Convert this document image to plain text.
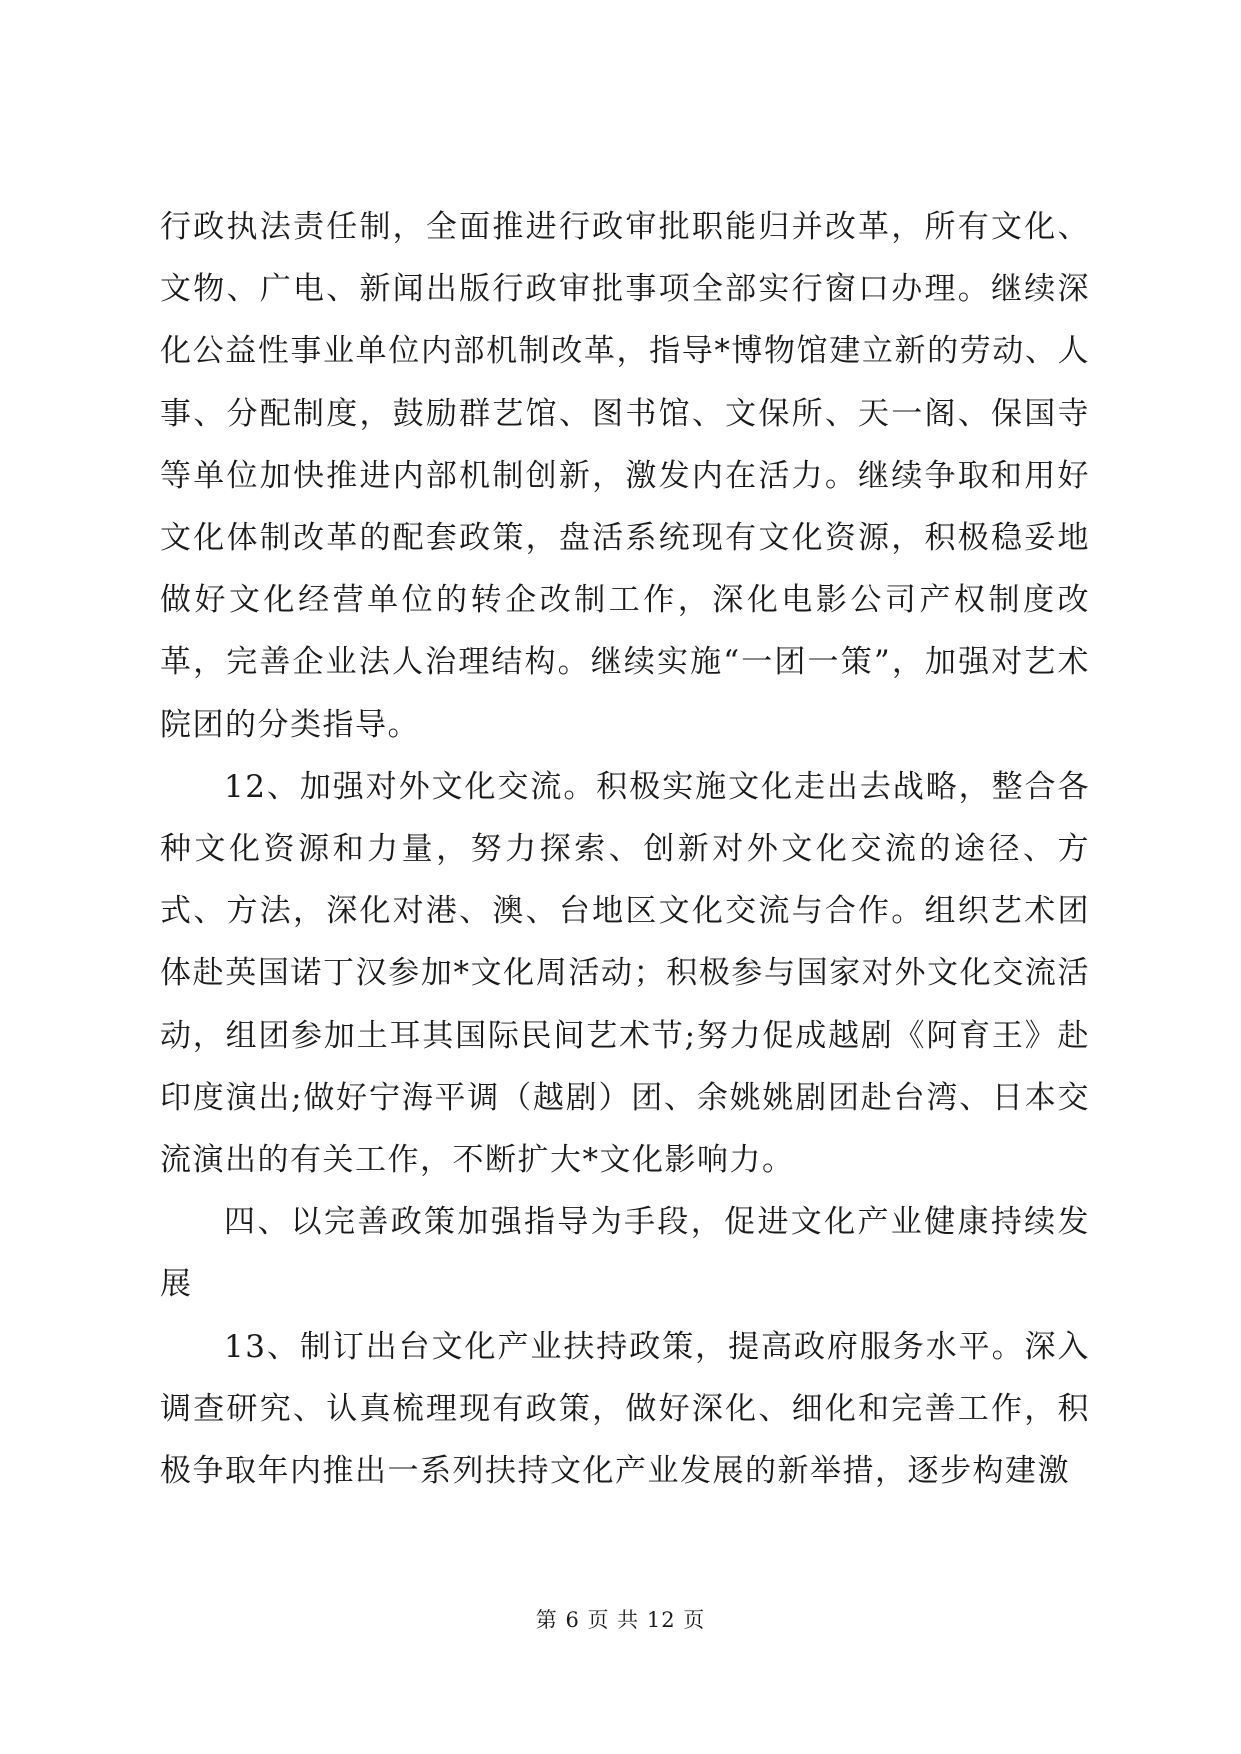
行政执法责任制，全面推进行政审批职能归并改革，所有文化、文物、广电、新闻出版行政审批事项全部实行窗口办理。继续深化公益性事业单位内部机制改革，指导*博物馆建立新的劳动、人事、分配制度，鼓励群艺馆、图书馆、文保所、天一阁、保国寺等单位加快推进内部机制创新，激发内在活力。继续争取和用好文化体制改革的配套政策，盘活系统现有文化资源，积极稳妥地做好文化经营单位的转企改制工作，深化电影公司产权制度改革，完善企业法人治理结构。继续实施“一团一策”，加强对艺术院团的分类指导。

12、加强对外文化交流。积极实施文化走出去战略，整合各种文化资源和力量，努力探索、创新对外文化交流的途径、方式、方法，深化对港、澳、台地区文化交流与合作。组织艺术团体赴英国诺丁汉参加*文化周活动；积极参与国家对外文化交流活动，组团参加土耳其国际民间艺术节;努力促成越剧《阿育王》赴印度演出;做好宁海平调（越剧）团、余姚姚剧团赴台湾、日本交流演出的有关工作，不断扩大*文化影响力。

四、以完善政策加强指导为手段，促进文化产业健康持续发展

13、制订出台文化产业扶持政策，提高政府服务水平。深入调查研究、认真梳理现有政策，做好深化、细化和完善工作，积极争取年内推出一系列扶持文化产业发展的新举措，逐步构建激

第 6 页 共 12 页
